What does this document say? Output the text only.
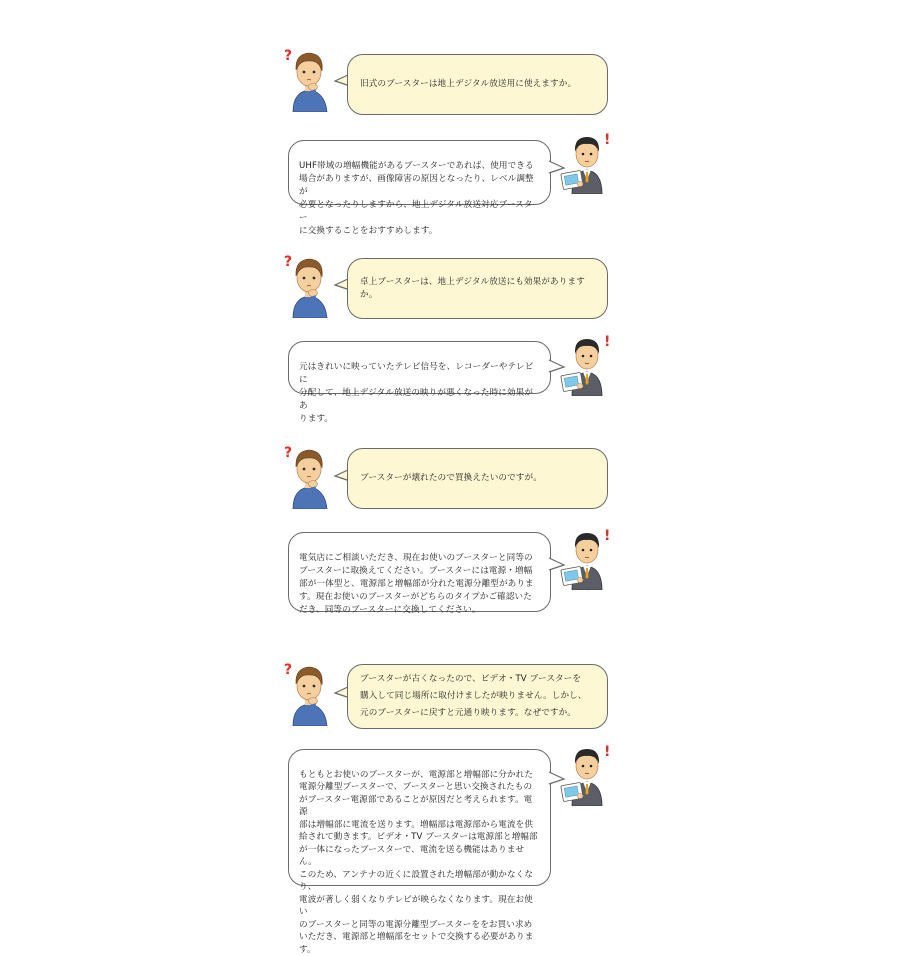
旧式のブースターは地上デジタル放送用に使えますか。

UHF帯域の増幅機能があるブースターであれば、使用できる
場合がありますが、画像障害の原因となったり、レベル調整が
必要となったりしますから、地上デジタル放送対応ブースター
に交換することをおすすめします。

卓上ブースターは、地上デジタル放送にも効果がありますか。

元はきれいに映っていたテレビ信号を、レコーダーやテレビに
分配して、地上デジタル放送の映りが悪くなった時に効果があ
ります。

ブースターが壊れたので買換えたいのですが。

電気店にご相談いただき、現在お使いのブースターと同等の
ブースターに取換えてください。ブースターには電源・増幅
部が一体型と、電源部と増幅部が分れた電源分離型がありま
す。現在お使いのブースターがどちらのタイプかご確認いた
だき、同等のブースターに交換してください。

ブースターが古くなったので、ビデオ・TV ブースターを
購入して同じ場所に取付けましたが映りません。しかし、
元のブースターに戻すと元通り映ります。なぜですか。

もともとお使いのブースターが、電源部と増幅部に分かれた
電源分離型ブースターで、ブースターと思い交換されたもの
がブースター電源部であることが原因だと考えられます。電源
部は増幅部に電流を送ります。増幅部は電源部から電流を供
給されて動きます。ビデオ・TV ブースターは電源部と増幅部
が一体になったブースターで、電流を送る機能はありません。
このため、アンテナの近くに設置された増幅部が動かなくなり、
電波が著しく弱くなりテレビが映らなくなります。現在お使い
のブースターと同等の電源分離型ブースターををお買い求め
いただき、電源部と増幅部をセットで交換する必要があります。
